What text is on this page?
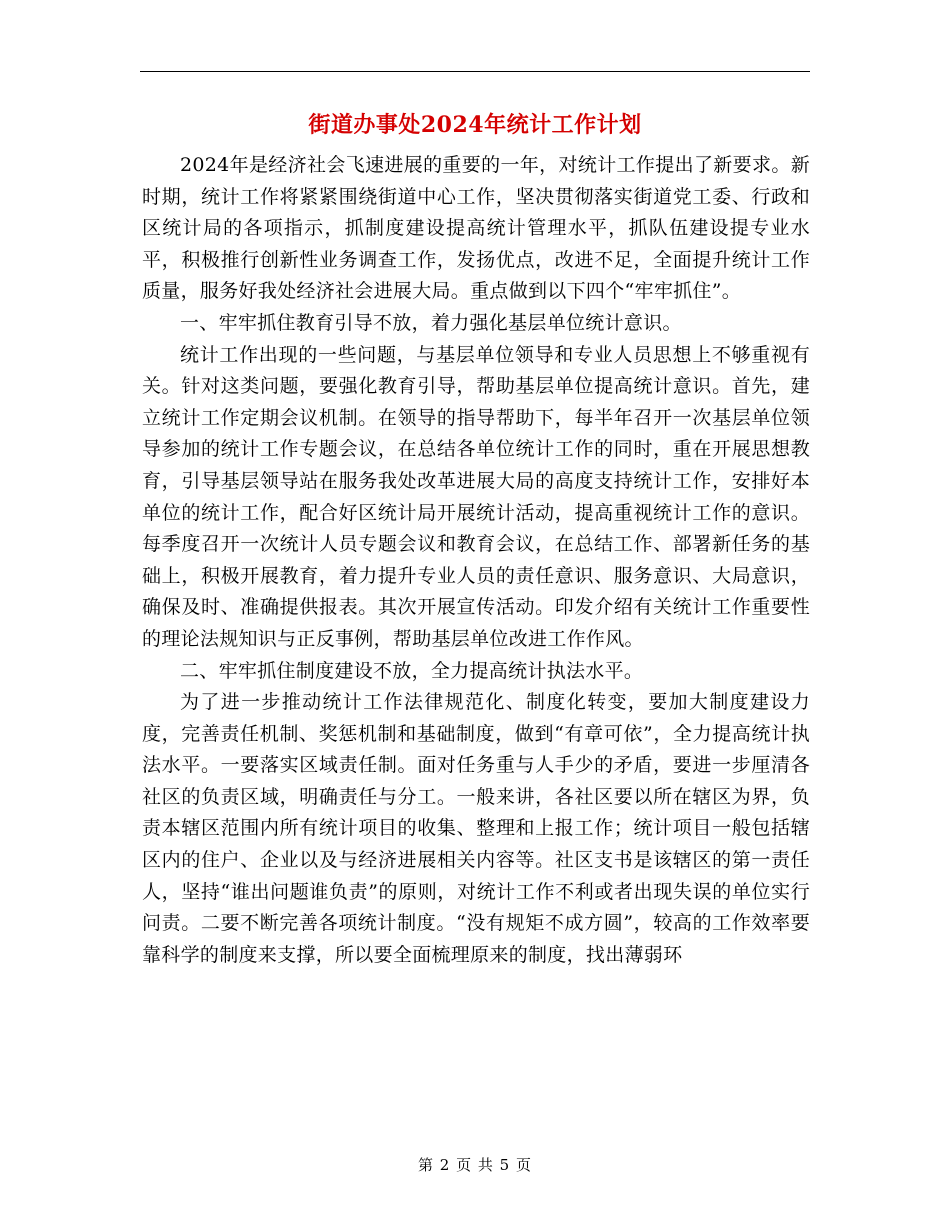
街道办事处2024年统计工作计划

2024年是经济社会飞速进展的重要的一年，对统计工作提出了新要求。新时期，统计工作将紧紧围绕街道中心工作，坚决贯彻落实街道党工委、行政和区统计局的各项指示，抓制度建设提高统计管理水平，抓队伍建设提专业水平，积极推行创新性业务调查工作，发扬优点，改进不足，全面提升统计工作质量，服务好我处经济社会进展大局。重点做到以下四个“牢牢抓住”。

一、牢牢抓住教育引导不放，着力强化基层单位统计意识。

统计工作出现的一些问题，与基层单位领导和专业人员思想上不够重视有关。针对这类问题，要强化教育引导，帮助基层单位提高统计意识。首先，建立统计工作定期会议机制。在领导的指导帮助下，每半年召开一次基层单位领导参加的统计工作专题会议，在总结各单位统计工作的同时，重在开展思想教育，引导基层领导站在服务我处改革进展大局的高度支持统计工作，安排好本单位的统计工作，配合好区统计局开展统计活动，提高重视统计工作的意识。每季度召开一次统计人员专题会议和教育会议，在总结工作、部署新任务的基础上，积极开展教育，着力提升专业人员的责任意识、服务意识、大局意识，确保及时、准确提供报表。其次开展宣传活动。印发介绍有关统计工作重要性的理论法规知识与正反事例，帮助基层单位改进工作作风。

二、牢牢抓住制度建设不放，全力提高统计执法水平。

为了进一步推动统计工作法律规范化、制度化转变，要加大制度建设力度，完善责任机制、奖惩机制和基础制度，做到“有章可依”，全力提高统计执法水平。一要落实区域责任制。面对任务重与人手少的矛盾，要进一步厘清各社区的负责区域，明确责任与分工。一般来讲，各社区要以所在辖区为界，负责本辖区范围内所有统计项目的收集、整理和上报工作；统计项目一般包括辖区内的住户、企业以及与经济进展相关内容等。社区支书是该辖区的第一责任人，坚持“谁出问题谁负责”的原则，对统计工作不利或者出现失误的单位实行问责。二要不断完善各项统计制度。“没有规矩不成方圆”，较高的工作效率要靠科学的制度来支撑，所以要全面梳理原来的制度，找出薄弱环

第 2 页 共 5 页
